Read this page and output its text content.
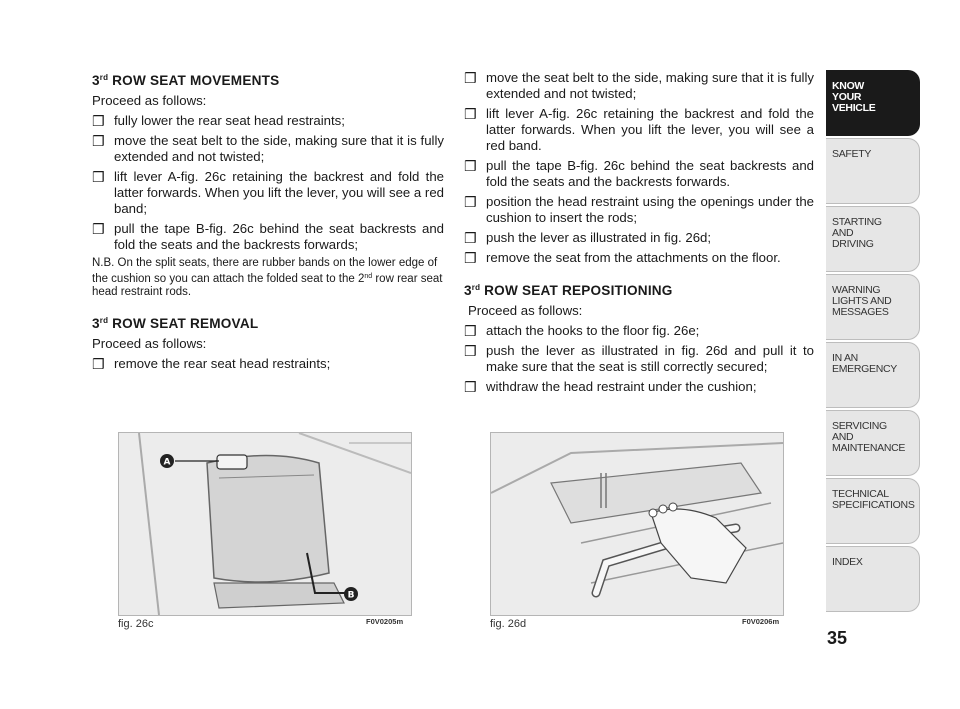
3rd ROW SEAT MOVEMENTS
Proceed as follows:
❒ fully lower the rear seat head restraints;
❒ move the seat belt to the side, making sure that it is fully extended and not twisted;
❒ lift lever A-fig. 26c retaining the backrest and fold the latter forwards. When you lift the lever, you will see a red band;
❒ pull the tape B-fig. 26c behind the seat backrests and fold the seats and the backrests forwards;
N.B. On the split seats, there are rubber bands on the lower edge of the cushion so you can attach the folded seat to the 2nd row rear seat head restraint rods.
3rd ROW SEAT REMOVAL
Proceed as follows:
❒ remove the rear seat head restraints;
❒ move the seat belt to the side, making sure that it is fully extended and not twisted;
❒ lift lever A-fig. 26c retaining the backrest and fold the latter forwards. When you lift the lever, you will see a red band.
❒ pull the tape B-fig. 26c behind the seat backrests and fold the seats and the backrests forwards.
❒ position the head restraint using the openings under the cushion to insert the rods;
❒ push the lever as illustrated in fig. 26d;
❒ remove the seat from the attachments on the floor.
3rd ROW SEAT REPOSITIONING
Proceed as follows:
❒ attach the hooks to the floor fig. 26e;
❒ push the lever as illustrated in fig. 26d and pull it to make sure that the seat is still correctly secured;
❒ withdraw the head restraint under the cushion;
A
B
fig. 26c	F0V0205m	fig. 26d	F0V0206m
35
KNOW
YOUR
VEHICLE
SAFETY
STARTING
AND
DRIVING
WARNING
LIGHTS AND
MESSAGES
IN AN
EMERGENCY
SERVICING
AND
MAINTENANCE
TECHNICAL
SPECIFICATIONS
INDEX
